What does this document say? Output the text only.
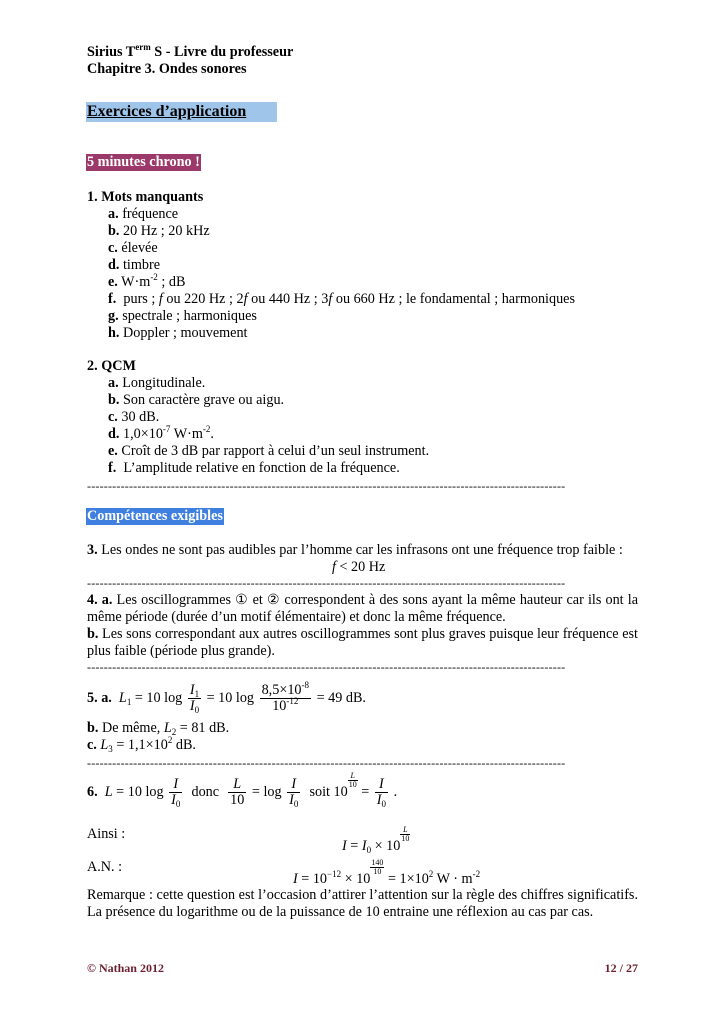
Sirius $T^{erm}$ S - Livre du professeur
Chapitre 3. Ondes sonores
Exercices d’application
5 minutes chrono !
1. Mots manquants
a. fréquence
b. 20 Hz ; 20 kHz
c. élevée
d. timbre
e. $W\cdot m^{-2}$ ; dB
f. purs ; f ou 220 Hz ; 2f ou 440 Hz ; 3f ou 660 Hz ; le fondamental ; harmoniques
g. spectrale ; harmoniques
h. Doppler ; mouvement
2. QCM
a. Longitudinale.
b. Son caractère grave ou aigu.
c. 30 dB.
d. $1,0\times 10^{-7}$ $W\cdot m^{-2}$.
e. Croît de 3 dB par rapport à celui d’un seul instrument.
f. L’amplitude relative en fonction de la fréquence.
------------------------------------------------------------------------------------------------------------------
Compétences exigibles
3. Les ondes ne sont pas audibles par l’homme car les infrasons ont une fréquence trop faible :
f < 20 Hz
------------------------------------------------------------------------------------------------------------------
4. a. Les oscillogrammes ① et ② correspondent à des sons ayant la même hauteur car ils ont la même période (durée d’un motif élémentaire) et donc la même fréquence.
b. Les sons correspondant aux autres oscillogrammes sont plus graves puisque leur fréquence est plus faible (période plus grande).
------------------------------------------------------------------------------------------------------------------
5. a. $L_1 = 10$ $\log \frac{I_1}{I_0} = 10$ $\log \frac{8,5\times 10^{-8}}{10^{-12}} = 49$ dB.
b. De même, $L_2 = 81$ dB.
c. $L_3 = 1,1\times 10^2$ dB.
------------------------------------------------------------------------------------------------------------------
6. L = 10 $\log \frac{I}{I_0}$ donc $\frac{L}{10} = \log \frac{I}{I_0}$ soit 10
$\frac{L}{10}$
= $\frac{I}{I_0}$ .
Ainsi :
$I = I_0 \times 10$
$\frac{L}{10}$
A.N. :
$I = 10^{-12} \times 10$
$\frac{140}{10}$
= $1\times 10^2$ $W \cdot m^{-2}$
Remarque : cette question est l’occasion d’attirer l’attention sur la règle des chiffres significatifs. La présence du logarithme ou de la puissance de 10 entraine une réflexion au cas par cas.
© Nathan 2012	12 / 27
